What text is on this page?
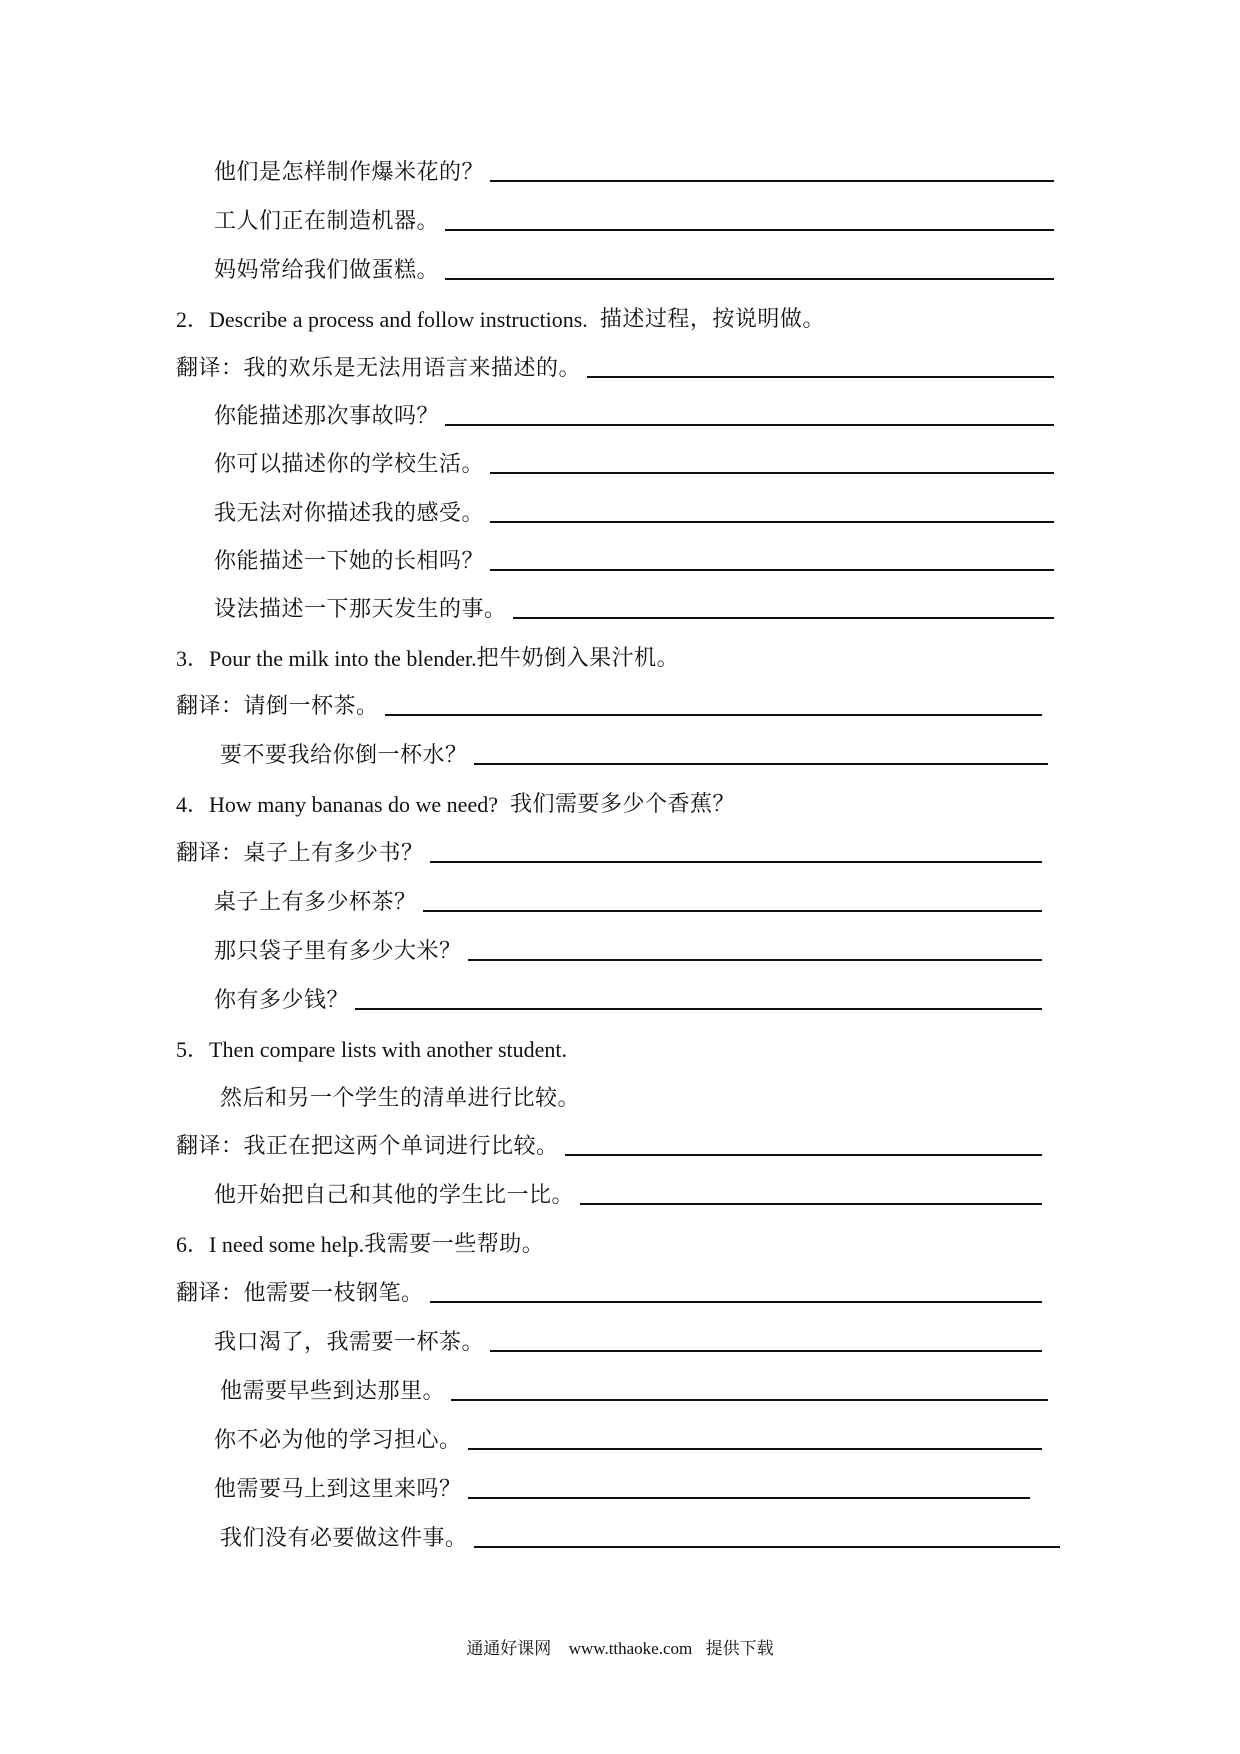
他们是怎样制作爆米花的？
工人们正在制造机器。
妈妈常给我们做蛋糕。
2． Describe a process and follow instructions. 描述过程，按说明做。
翻译： 我的欢乐是无法用语言来描述的。
你能描述那次事故吗？
你可以描述你的学校生活。
我无法对你描述我的感受。
你能描述一下她的长相吗？
设法描述一下那天发生的事。
3． Pour the milk into the blender. 把牛奶倒入果汁机。
翻译： 请倒一杯茶。
要不要我给你倒一杯水？
4． How many bananas do we need? 我们需要多少个香蕉？
翻译： 桌子上有多少书？
桌子上有多少杯茶？
那只袋子里有多少大米？
你有多少钱？
5． Then compare lists with another student.
然后和另一个学生的清单进行比较。
翻译： 我正在把这两个单词进行比较。
他开始把自己和其他的学生比一比。
6． I need some help. 我需要一些帮助。
翻译： 他需要一枝钢笔。
我口渴了，我需要一杯茶。
他需要早些到达那里。
你不必为他的学习担心。
他需要马上到这里来吗？
我们没有必要做这件事。
通通好课网 www.tthaoke.com 提供下载
